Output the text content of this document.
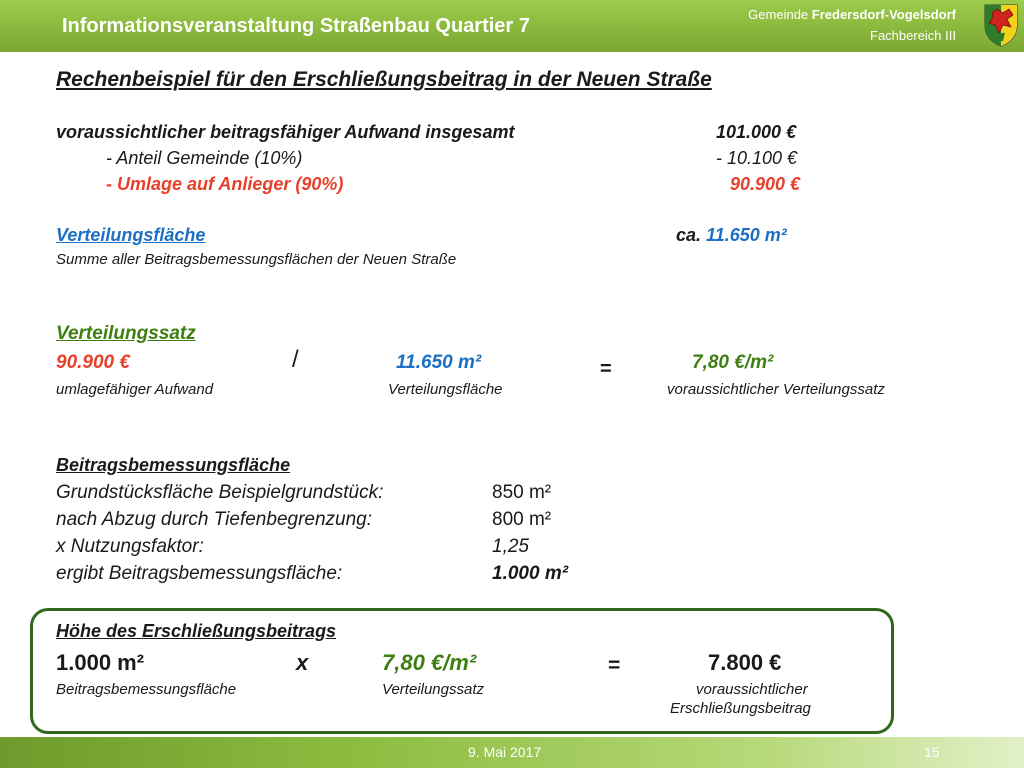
Informationsveranstaltung Straßenbau Quartier 7
Gemeinde Fredersdorf-Vogelsdorf
Fachbereich III
Rechenbeispiel für den Erschließungsbeitrag in der Neuen Straße
voraussichtlicher beitragsfähiger Aufwand insgesamt	101.000 €
- Anteil Gemeinde (10%)	- 10.100 €
- Umlage auf Anlieger (90%)	90.900 €
Verteilungsfläche	ca. 11.650 m²
Summe aller Beitragsbemessungsflächen der Neuen Straße
Verteilungssatz
90.900 €	/	11.650 m²	=	7,80 €/m²
umlagefähiger Aufwand	Verteilungsfläche	voraussichtlicher Verteilungssatz
Beitragsbemessungsfläche
Grundstücksfläche Beispielgrundstück:	850 m²
nach Abzug durch Tiefenbegrenzung:	800 m²
x Nutzungsfaktor:	1,25
ergibt Beitragsbemessungsfläche:	1.000 m²
Höhe des Erschließungsbeitrags
1.000 m²	x	7,80 €/m²	=	7.800 €
Beitragsbemessungsfläche	Verteilungssatz	voraussichtlicher
Erschließungsbeitrag
9. Mai 2017	15
